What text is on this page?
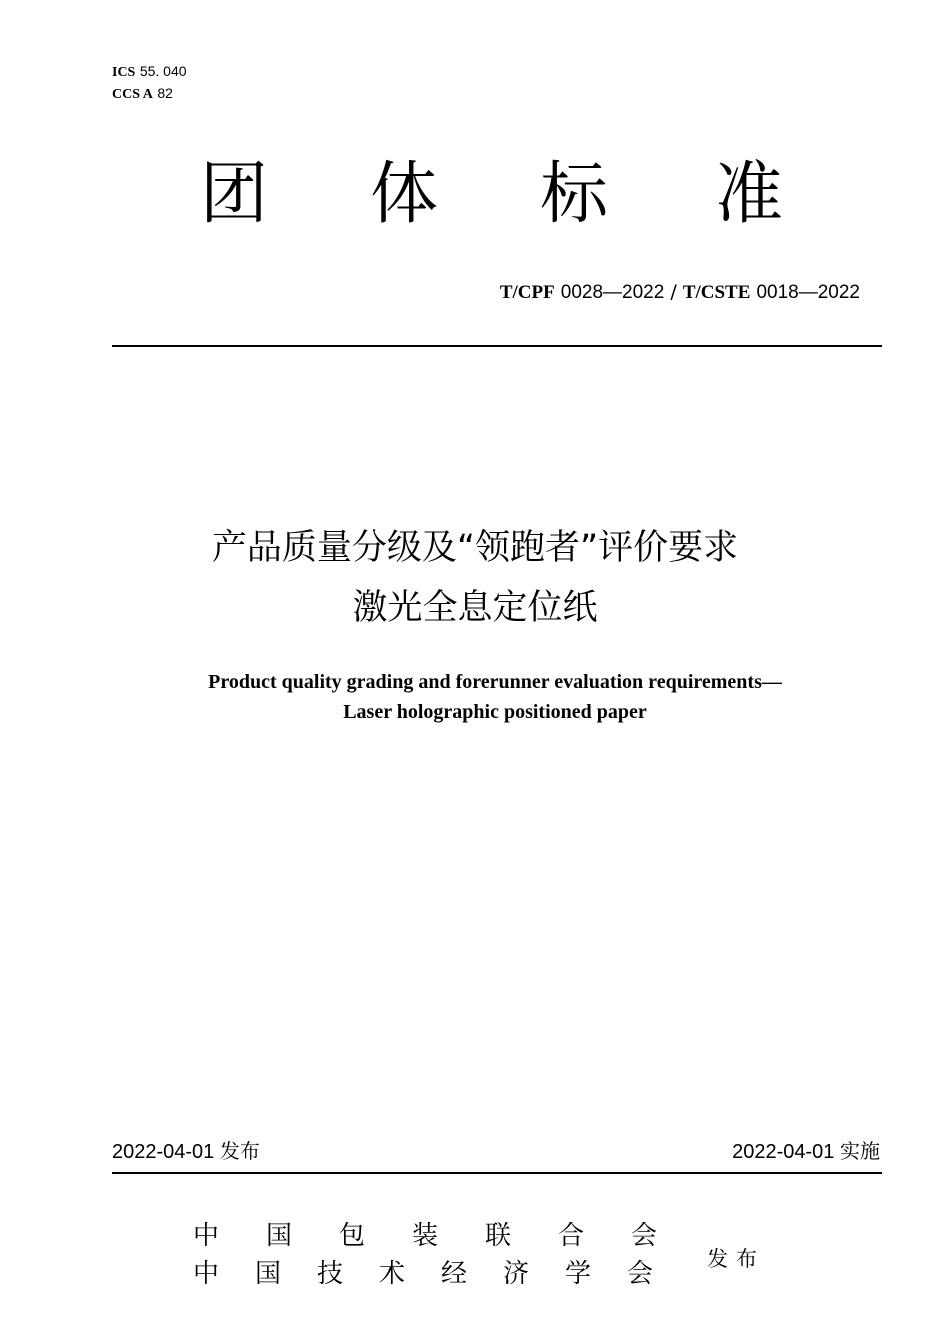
ICS 55. 040
CCS A 82
团 体 标 准
T/CPF 0028—2022 / T/CSTE 0018—2022
产品质量分级及“领跑者”评价要求
激光全息定位纸
Product quality grading and forerunner evaluation requirements—
Laser holographic positioned paper
2022-04-01 发布	2022-04-01 实施
中 国 包 装 联 合 会
中 国 技 术 经 济 学 会	发布
